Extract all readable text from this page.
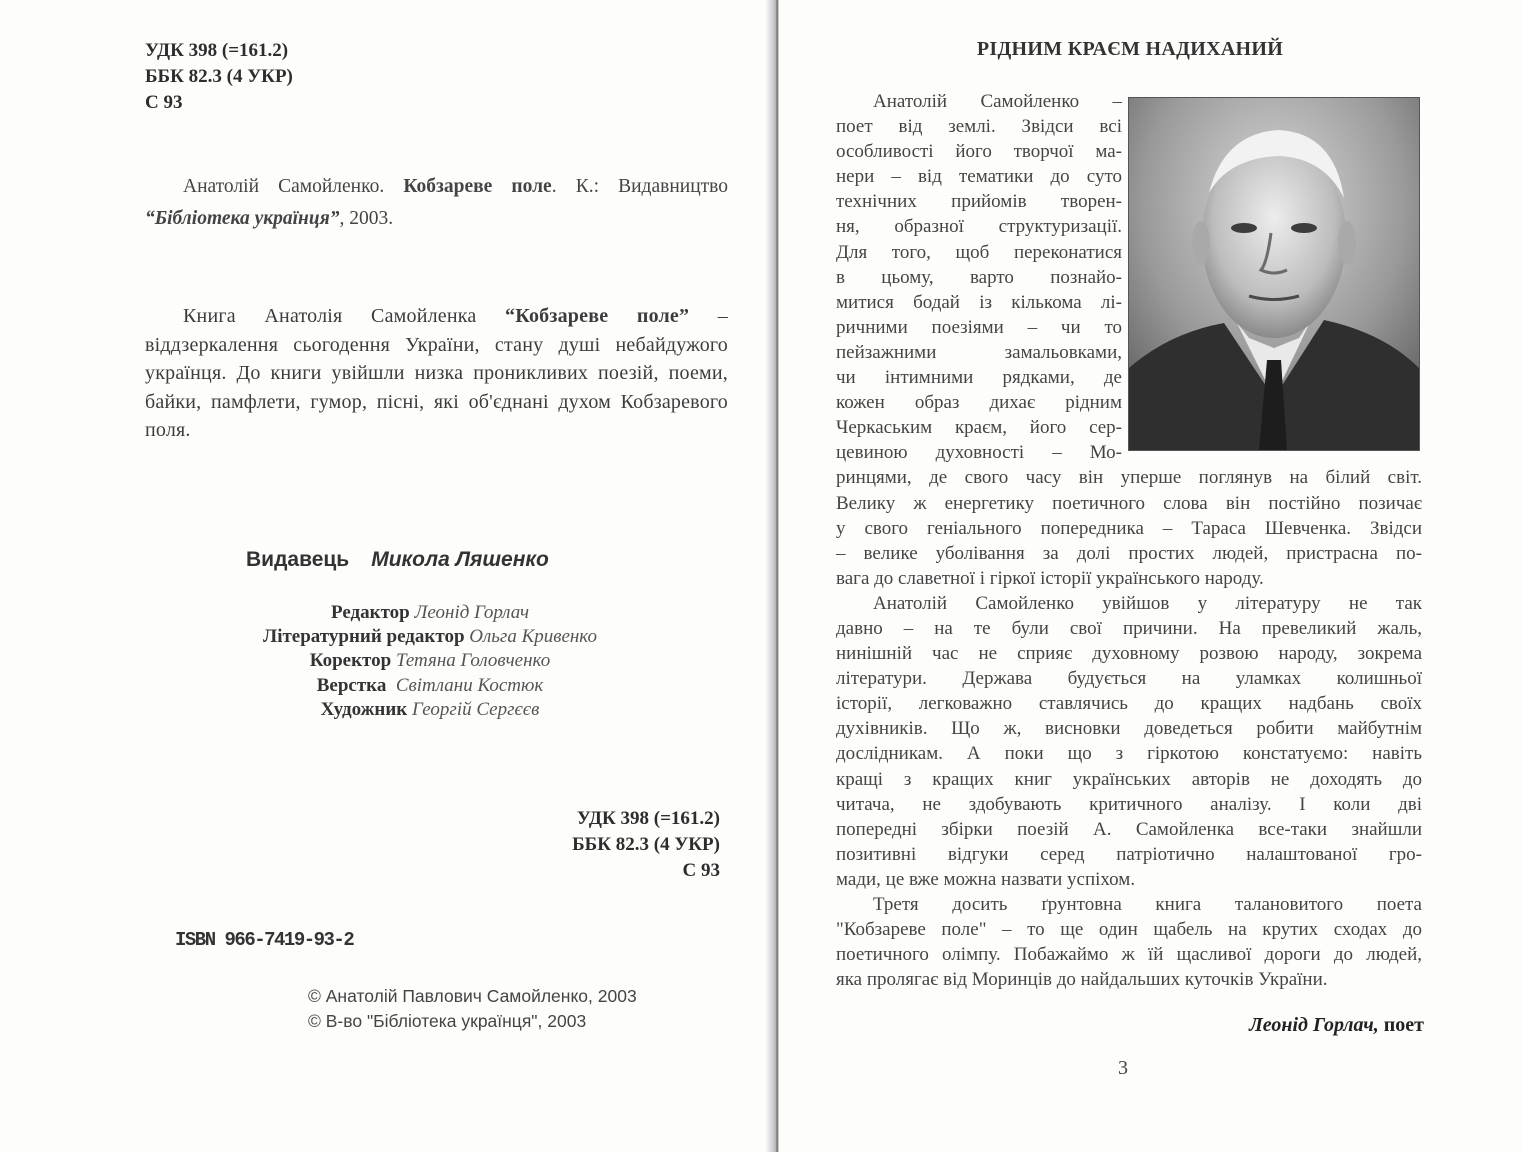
УДК 398 (=161.2)
ББК 82.3 (4 УКР)
С 93
Анатолій Самойленко. Кобзареве поле. К.: Видавництво “Бібліотека українця”, 2003.

Книга Анатолія Самойленка “Кобзареве поле” – віддзеркалення сьогодення України, стану душі небайдужого українця. До книги увійшли низка проникливих поезій, поеми, байки, памфлети, гумор, пісні, які об'єднані духом Кобзаревого поля.

Видавець Микола Ляшенко
Редактор Леонід Горлач
Літературний редактор Ольга Кривенко
Коректор Тетяна Головченко
Верстка Світлани Костюк
Художник Георгій Сергєєв
УДК 398 (=161.2)
ББК 82.3 (4 УКР)
С 93
ISBN 966-7419-93-2
© Анатолій Павлович Самойленко, 2003
© В-во "Бібліотека українця", 2003
РІДНИМ КРАЄМ НАДИХАНИЙ
Анатолій Самойленко –
поет від землі. Звідси всі
особливості його творчої ма-
нери – від тематики до суто
технічних прийомів творен-
ня, образної структуризації.
Для того, щоб переконатися
в цьому, варто познайо-
митися бодай із кількома лі-
ричними поезіями – чи то
пейзажними замальовками,
чи інтимними рядками, де
кожен образ дихає рідним
Черкаським краєм, його сер-
цевиною духовності – Мо-
ринцями, де свого часу він уперше поглянув на білий світ.
Велику ж енергетику поетичного слова він постійно позичає
у свого геніального попередника – Тараса Шевченка. Звідси
– велике уболівання за долі простих людей, пристрасна по-
вага до славетної і гіркої історії українського народу.
Анатолій Самойленко увійшов у літературу не так
давно – на те були свої причини. На превеликий жаль,
нинішній час не сприяє духовному розвою народу, зокрема
літератури. Держава будується на уламках колишньої
історії, легковажно ставлячись до кращих надбань своїх
духівників. Що ж, висновки доведеться робити майбутнім
дослідникам. А поки що з гіркотою констатуємо: навіть
кращі з кращих книг українських авторів не доходять до
читача, не здобувають критичного аналізу. І коли дві
попередні збірки поезій А. Самойленка все-таки знайшли
позитивні відгуки серед патріотично налаштованої гро-
мади, це вже можна назвати успіхом.
Третя досить ґрунтовна книга талановитого поета
"Кобзареве поле" – то ще один щабель на крутих сходах до
поетичного олімпу. Побажаймо ж їй щасливої дороги до людей,
яка пролягає від Моринців до найдальших куточків України.
Леонід Горлач, поет
3
